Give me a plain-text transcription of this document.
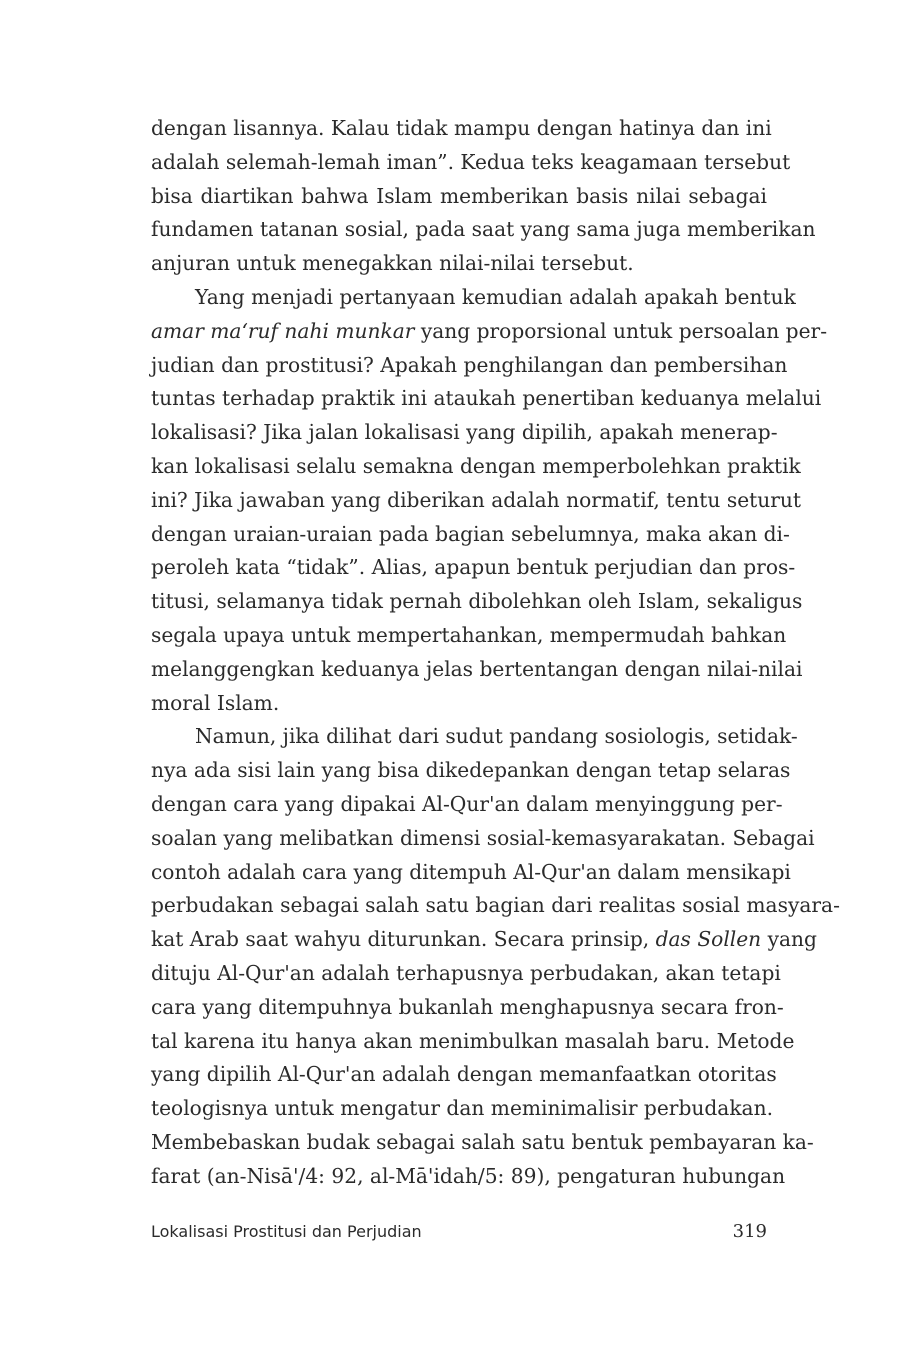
dengan lisannya. Kalau tidak mampu dengan hatinya dan ini
adalah selemah-lemah iman”. Kedua teks keagamaan tersebut
bisa diartikan bahwa Islam memberikan basis nilai sebagai
fundamen tatanan sosial, pada saat yang sama juga memberikan
anjuran untuk menegakkan nilai-nilai tersebut.
Yang menjadi pertanyaan kemudian adalah apakah bentuk
amar ma‘ruf nahi munkar yang proporsional untuk persoalan per-
judian dan prostitusi? Apakah penghilangan dan pembersihan
tuntas terhadap praktik ini ataukah penertiban keduanya melalui
lokalisasi? Jika jalan lokalisasi yang dipilih, apakah menerap-
kan lokalisasi selalu semakna dengan memperbolehkan praktik
ini? Jika jawaban yang diberikan adalah normatif, tentu seturut
dengan uraian-uraian pada bagian sebelumnya, maka akan di-
peroleh kata “tidak”. Alias, apapun bentuk perjudian dan pros-
titusi, selamanya tidak pernah dibolehkan oleh Islam, sekaligus
segala upaya untuk mempertahankan, mempermudah bahkan
melanggengkan keduanya jelas bertentangan dengan nilai-nilai
moral Islam.
Namun, jika dilihat dari sudut pandang sosiologis, setidak-
nya ada sisi lain yang bisa dikedepankan dengan tetap selaras
dengan cara yang dipakai Al-Qur'an dalam menyinggung per-
soalan yang melibatkan dimensi sosial-kemasyarakatan. Sebagai
contoh adalah cara yang ditempuh Al-Qur'an dalam mensikapi
perbudakan sebagai salah satu bagian dari realitas sosial masyara-
kat Arab saat wahyu diturunkan. Secara prinsip, das Sollen yang
dituju Al-Qur'an adalah terhapusnya perbudakan, akan tetapi
cara yang ditempuhnya bukanlah menghapusnya secara fron-
tal karena itu hanya akan menimbulkan masalah baru. Metode
yang dipilih Al-Qur'an adalah dengan memanfaatkan otoritas
teologisnya untuk mengatur dan meminimalisir perbudakan.
Membebaskan budak sebagai salah satu bentuk pembayaran ka-
farat (an-Nisā'/4: 92, al-Mā'idah/5: 89), pengaturan hubungan
Lokalisasi Prostitusi dan Perjudian	319
